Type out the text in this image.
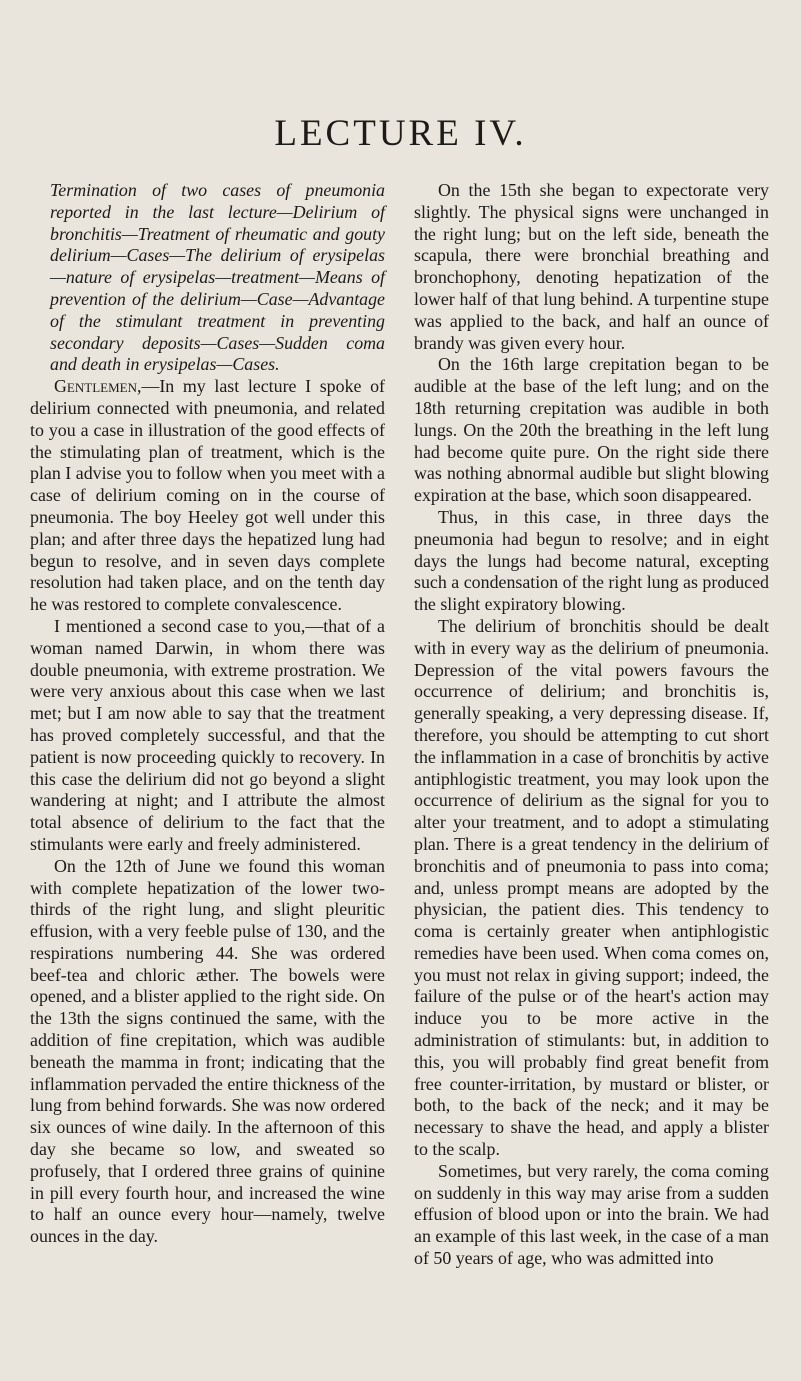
LECTURE IV.

Termination of two cases of pneumonia reported in the last lecture—Delirium of bronchitis—Treatment of rheumatic and gouty delirium—Cases—The delirium of erysipelas—nature of erysipelas—treatment—Means of prevention of the delirium—Case—Advantage of the stimulant treatment in preventing secondary deposits—Cases—Sudden coma and death in erysipelas—Cases.

Gentlemen,—In my last lecture I spoke of delirium connected with pneumonia, and related to you a case in illustration of the good effects of the stimulating plan of treatment, which is the plan I advise you to follow when you meet with a case of delirium coming on in the course of pneumonia. The boy Heeley got well under this plan; and after three days the hepatized lung had begun to resolve, and in seven days complete resolution had taken place, and on the tenth day he was restored to complete convalescence.

I mentioned a second case to you,—that of a woman named Darwin, in whom there was double pneumonia, with extreme prostration. We were very anxious about this case when we last met; but I am now able to say that the treatment has proved completely successful, and that the patient is now proceeding quickly to recovery. In this case the delirium did not go beyond a slight wandering at night; and I attribute the almost total absence of delirium to the fact that the stimulants were early and freely administered.

On the 12th of June we found this woman with complete hepatization of the lower two-thirds of the right lung, and slight pleuritic effusion, with a very feeble pulse of 130, and the respirations numbering 44. She was ordered beef-tea and chloric æther. The bowels were opened, and a blister applied to the right side. On the 13th the signs continued the same, with the addition of fine crepitation, which was audible beneath the mamma in front; indicating that the inflammation pervaded the entire thickness of the lung from behind forwards. She was now ordered six ounces of wine daily. In the afternoon of this day she became so low, and sweated so profusely, that I ordered three grains of quinine in pill every fourth hour, and increased the wine to half an ounce every hour—namely, twelve ounces in the day.

On the 15th she began to expectorate very slightly. The physical signs were unchanged in the right lung; but on the left side, beneath the scapula, there were bronchial breathing and bronchophony, denoting hepatization of the lower half of that lung behind. A turpentine stupe was applied to the back, and half an ounce of brandy was given every hour.

On the 16th large crepitation began to be audible at the base of the left lung; and on the 18th returning crepitation was audible in both lungs. On the 20th the breathing in the left lung had become quite pure. On the right side there was nothing abnormal audible but slight blowing expiration at the base, which soon disappeared.

Thus, in this case, in three days the pneumonia had begun to resolve; and in eight days the lungs had become natural, excepting such a condensation of the right lung as produced the slight expiratory blowing.

The delirium of bronchitis should be dealt with in every way as the delirium of pneumonia. Depression of the vital powers favours the occurrence of delirium; and bronchitis is, generally speaking, a very depressing disease. If, therefore, you should be attempting to cut short the inflammation in a case of bronchitis by active antiphlogistic treatment, you may look upon the occurrence of delirium as the signal for you to alter your treatment, and to adopt a stimulating plan. There is a great tendency in the delirium of bronchitis and of pneumonia to pass into coma; and, unless prompt means are adopted by the physician, the patient dies. This tendency to coma is certainly greater when antiphlogistic remedies have been used. When coma comes on, you must not relax in giving support; indeed, the failure of the pulse or of the heart's action may induce you to be more active in the administration of stimulants: but, in addition to this, you will probably find great benefit from free counter-irritation, by mustard or blister, or both, to the back of the neck; and it may be necessary to shave the head, and apply a blister to the scalp.

Sometimes, but very rarely, the coma coming on suddenly in this way may arise from a sudden effusion of blood upon or into the brain. We had an example of this last week, in the case of a man of 50 years of age, who was admitted into
